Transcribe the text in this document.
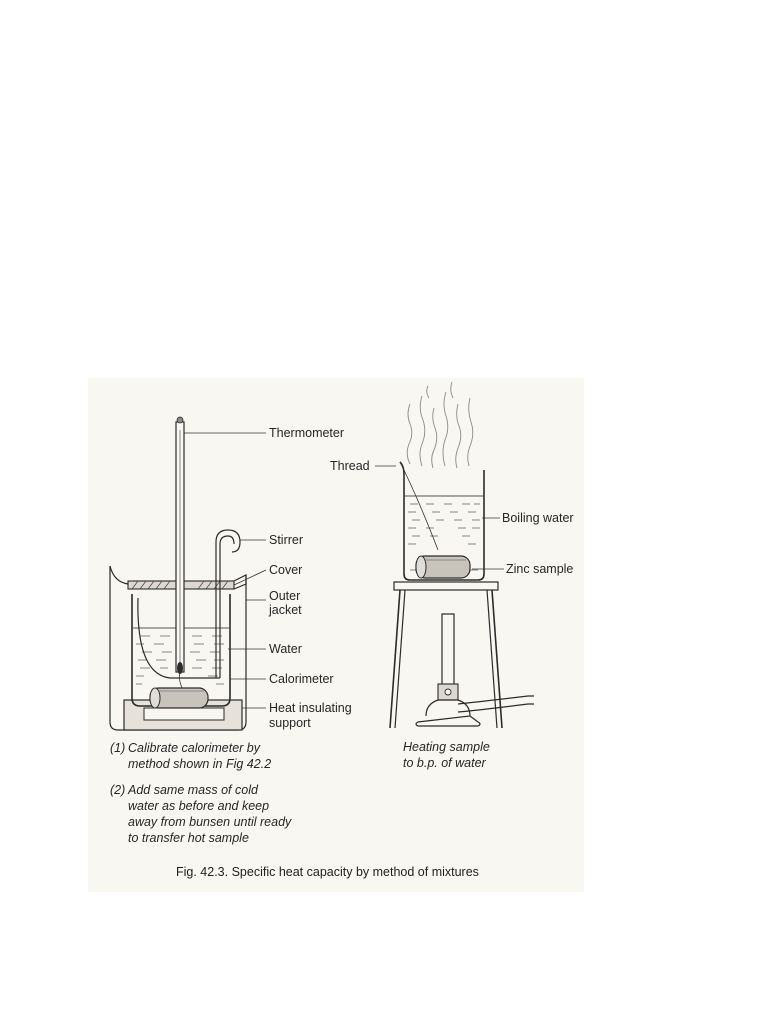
Thermometer
Stirrer
Cover
Outer
jacket
Water
Calorimeter
Heat insulating
support
Thread
Boiling water
Zinc sample
(1) Calibrate calorimeter by
method shown in Fig 42.2
(2) Add same mass of cold
water as before and keep
away from bunsen until ready
to transfer hot sample
Heating sample
to b.p. of water
Fig. 42.3. Specific heat capacity by method of mixtures
